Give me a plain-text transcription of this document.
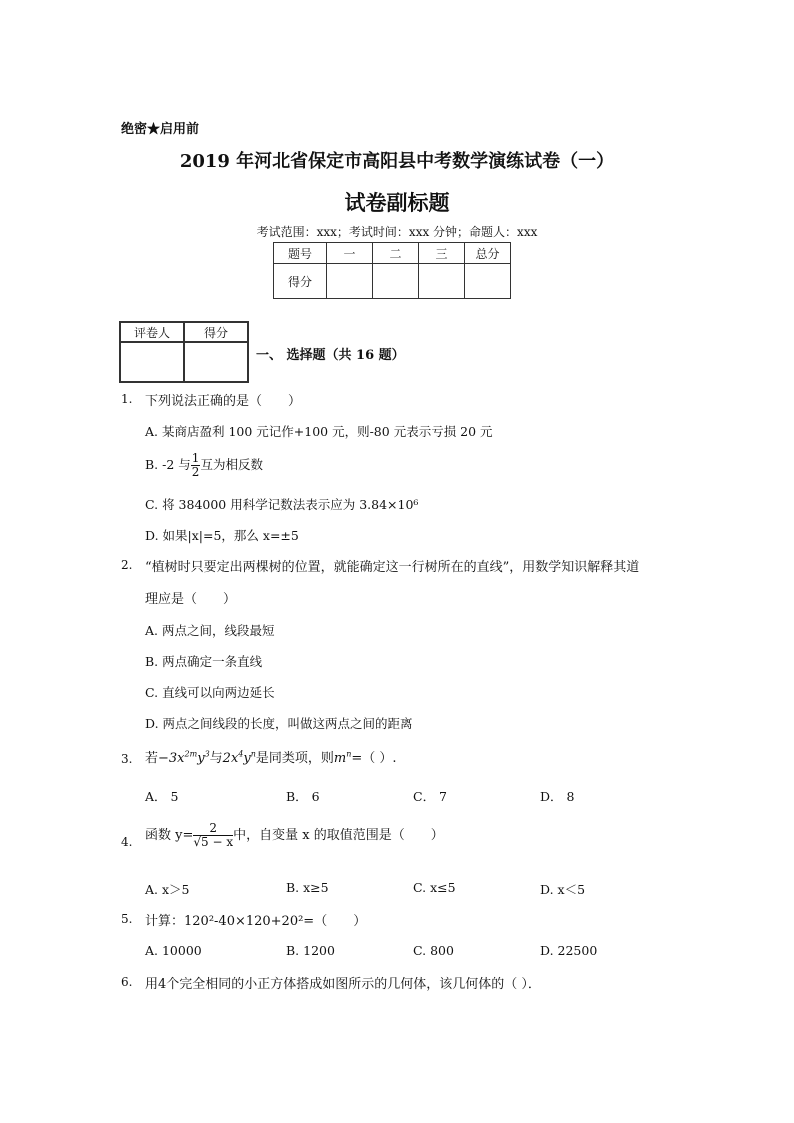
绝密★启用前
2019 年河北省保定市高阳县中考数学演练试卷（一）
试卷副标题
考试范围：xxx；考试时间：xxx 分钟；命题人：xxx
题号	一	二	三	总分
得分				
评卷人	得分

一、 选择题（共 16 题）
1. 下列说法正确的是（　　）
A. 某商店盈利 100 元记作+100 元，则-80 元表示亏损 20 元
B. -2 与 $\frac{1}{2}$ 互为相反数
C. 将 384000 用科学记数法表示应为 3.84×10⁶
D. 如果|x|=5，那么 x=±5
2. “植树时只要定出两棵树的位置，就能确定这一行树所在的直线”，用数学知识解释其道
理应是（　　）
A. 两点之间，线段最短
B. 两点确定一条直线
C. 直线可以向两边延长
D. 两点之间线段的长度，叫做这两点之间的距离
3. 若$-3x^{2m}y^3$与$2x^4y^n$是同类项，则$m^n=$（ ）.
A． 5	B． 6	C． 7	D． 8
4. 函数 $y= \frac{2}{√5 - x}$ 中，自变量 x 的取值范围是（　　）
A. x＞5	B. x≥5	C. x≤5	D. x＜5
5. 计算：120²-40×120+20²=（　　）
A. 10000	B. 1200	C. 800	D. 22500
6. 用4个完全相同的小正方体搭成如图所示的几何体，该几何体的（ ）．
